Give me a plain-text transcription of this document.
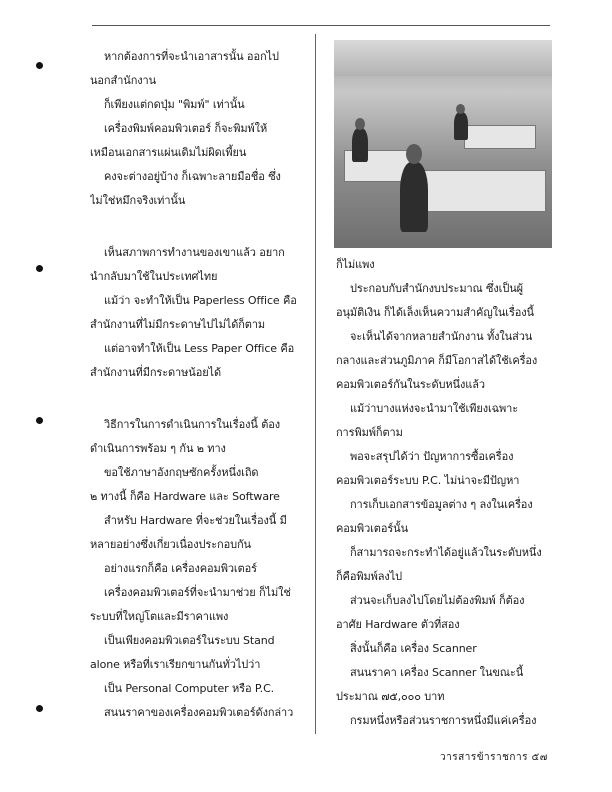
หากต้องการที่จะนำเอาสารนั้น ออกไป
นอกสำนักงาน
ก็เพียงแต่กดปุ่ม "พิมพ์" เท่านั้น
เครื่องพิมพ์คอมพิวเตอร์ ก็จะพิมพ์ให้
เหมือนเอกสารแผ่นเดิมไม่ผิดเพี้ยน
คงจะต่างอยู่บ้าง ก็เฉพาะลายมือชื่อ ซึ่ง
ไม่ใช่หมึกจริงเท่านั้น
เห็นสภาพการทำงานของเขาแล้ว อยาก
นำกลับมาใช้ในประเทศไทย
แม้ว่า จะทำให้เป็น Paperless Office คือ
สำนักงานที่ไม่มีกระดาษไปไม่ได้ก็ตาม
แต่อาจทำให้เป็น Less Paper Office คือ
สำนักงานที่มีกระดาษน้อยได้
วิธีการในการดำเนินการในเรื่องนี้ ต้อง
ดำเนินการพร้อม ๆ กัน ๒ ทาง
ขอใช้ภาษาอังกฤษซักครั้งหนึ่งเถิด
๒ ทางนี้ ก็คือ Hardware และ Software
สำหรับ Hardware ที่จะช่วยในเรื่องนี้ มี
หลายอย่างซึ่งเกี่ยวเนื่องประกอบกัน
อย่างแรกก็คือ เครื่องคอมพิวเตอร์
เครื่องคอมพิวเตอร์ที่จะนำมาช่วย ก็ไม่ใช่
ระบบที่ใหญ่โตและมีราคาแพง
เป็นเพียงคอมพิวเตอร์ในระบบ Stand
alone หรือที่เราเรียกขานกันทั่วไปว่า
เป็น Personal Computer หรือ P.C.
สนนราคาของเครื่องคอมพิวเตอร์ดังกล่าว
ก็ไม่แพง
ประกอบกับสำนักงบประมาณ ซึ่งเป็นผู้
อนุมัติเงิน ก็ได้เล็งเห็นความสำคัญในเรื่องนี้
จะเห็นได้จากหลายสำนักงาน ทั้งในส่วน
กลางและส่วนภูมิภาค ก็มีโอกาสได้ใช้เครื่อง
คอมพิวเตอร์กันในระดับหนึ่งแล้ว
แม้ว่าบางแห่งจะนำมาใช้เพียงเฉพาะ
การพิมพ์ก็ตาม
พอจะสรุปได้ว่า ปัญหาการซื้อเครื่อง
คอมพิวเตอร์ระบบ P.C. ไม่น่าจะมีปัญหา
การเก็บเอกสารข้อมูลต่าง ๆ ลงในเครื่อง
คอมพิวเตอร์นั้น
ก็สามารถจะกระทำได้อยู่แล้วในระดับหนึ่ง
ก็คือพิมพ์ลงไป
ส่วนจะเก็บลงไปโดยไม่ต้องพิมพ์ ก็ต้อง
อาศัย Hardware ตัวที่สอง
สิ่งนั้นก็คือ เครื่อง Scanner
สนนราคา เครื่อง Scanner ในขณะนี้
ประมาณ ๗๕,๐๐๐ บาท
กรมหนึ่งหรือส่วนราชการหนึ่งมีแค่เครื่อง
วารสารข้าราชการ ๕๗
